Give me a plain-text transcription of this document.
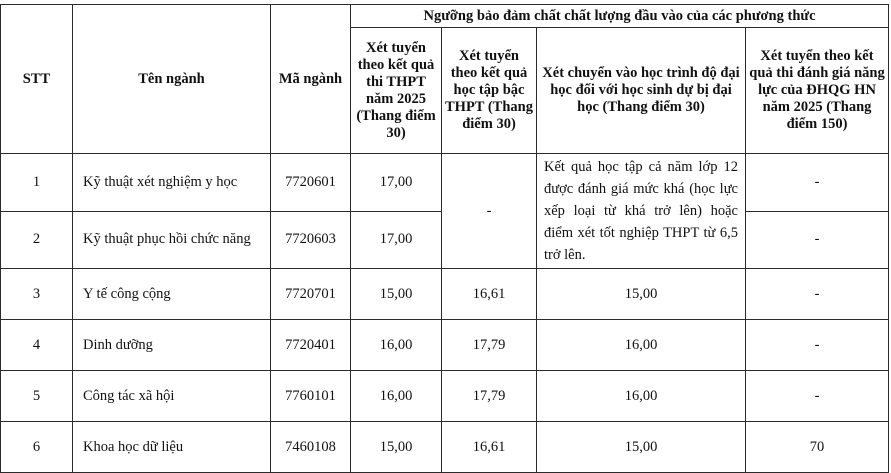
STT	Tên ngành	Mã ngành	Ngưỡng bảo đảm chất chất lượng đầu vào của các phương thức			
			Xét tuyển theo kết quả thi THPT năm 2025 (Thang điểm 30)	Xét tuyển theo kết quả học tập bậc THPT (Thang điểm 30)	Xét chuyển vào học trình độ đại học đối với học sinh dự bị đại học (Thang điểm 30)	Xét tuyển theo kết quả thi đánh giá năng lực của ĐHQG HN năm 2025 (Thang điểm 150)
1	Kỹ thuật xét nghiệm y học	7720601	17,00	-	Kết quả học tập cả năm lớp 12 được đánh giá mức khá (học lực xếp loại từ khá trở lên) hoặc điểm xét tốt nghiệp THPT từ 6,5 trở lên.	-
2	Kỹ thuật phục hồi chức năng	7720603	17,00			-
3	Y tế công cộng	7720701	15,00	16,61	15,00	-
4	Dinh dưỡng	7720401	16,00	17,79	16,00	-
5	Công tác xã hội	7760101	16,00	17,79	16,00	-
6	Khoa học dữ liệu	7460108	15,00	16,61	15,00	70
